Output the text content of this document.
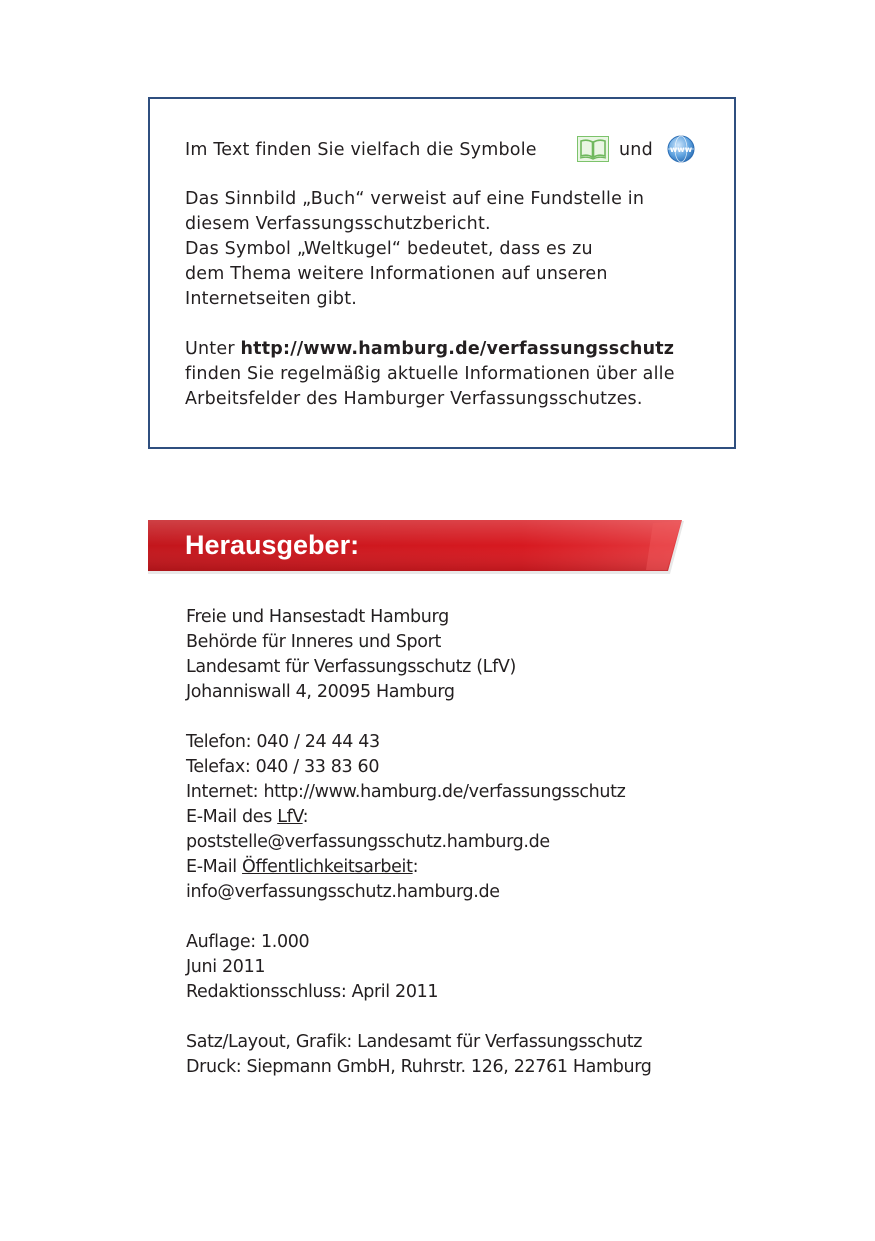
Im Text finden Sie vielfach die Symbole	und www
Das Sinnbild „Buch“ verweist auf eine Fundstelle in
diesem Verfassungsschutzbericht.
Das Symbol „Weltkugel“ bedeutet, dass es zu
dem Thema weitere Informationen auf unseren
Internetseiten gibt.
Unter http://www.hamburg.de/verfassungsschutz
finden Sie regelmäßig aktuelle Informationen über alle
Arbeitsfelder des Hamburger Verfassungsschutzes.
Herausgeber:
Freie und Hansestadt Hamburg
Behörde für Inneres und Sport
Landesamt für Verfassungsschutz (LfV)
Johanniswall 4, 20095 Hamburg
Telefon: 040 / 24 44 43
Telefax: 040 / 33 83 60
Internet: http://www.hamburg.de/verfassungsschutz
E-Mail des LfV:
poststelle@verfassungsschutz.hamburg.de
E-Mail Öffentlichkeitsarbeit:
info@verfassungsschutz.hamburg.de
Auflage: 1.000
Juni 2011
Redaktionsschluss: April 2011
Satz/Layout, Grafik: Landesamt für Verfassungsschutz
Druck: Siepmann GmbH, Ruhrstr. 126, 22761 Hamburg
